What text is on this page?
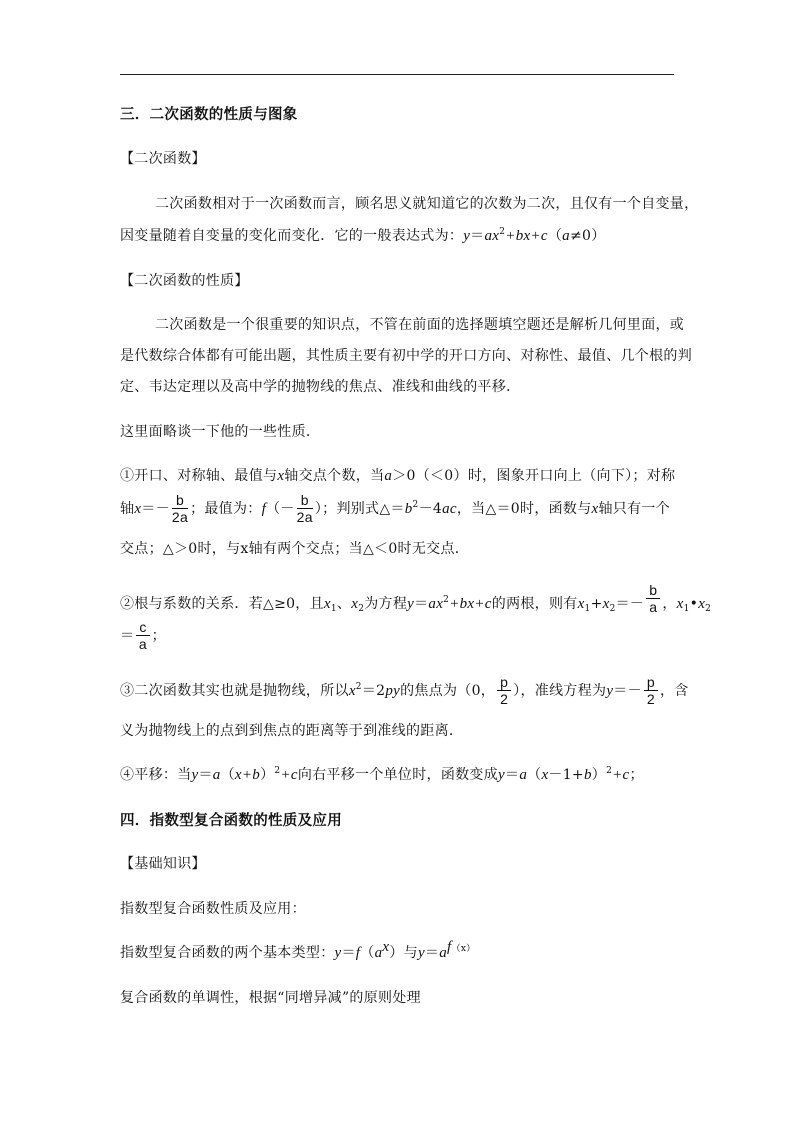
三．二次函数的性质与图象
【二次函数】
二次函数相对于一次函数而言，顾名思义就知道它的次数为二次，且仅有一个自变量，
因变量随着自变量的变化而变化．它的一般表达式为：$y=ax^2+bx+c(a\ne 0)$
【二次函数的性质】
二次函数是一个很重要的知识点，不管在前面的选择题填空题还是解析几何里面，或
是代数综合体都有可能出题，其性质主要有初中学的开口方向、对称性、最值、几个根的判
定、韦达定理以及高中学的抛物线的焦点、准线和曲线的平移．
这里面略谈一下他的一些性质．
①开口、对称轴、最值与x轴交点个数，当a＞0（＜0）时，图象开口向上（向下）；对称
轴$x=- \frac{b}{2a}$ ；最值为：$f(- \frac{b}{2a}$ ）；判别式$\triangle=b^2-4ac$，当△＝0时，函数与x轴只有一个
交点；△＞0时，与x轴有两个交点；当△＜0时无交点．
②根与系数的关系．若△≥0，且$x_1$、$x_2$为方程$y=ax^2+bx+c$的两根，则有$x_1+x_2=- \frac{b}{a}$ ，$x_1•x_2$
＝ $\frac{c}{a}$ ；
③二次函数其实也就是抛物线，所以$x^2=2py$的焦点为（0， $\frac{p}{2}$ ），准线方程为$y=- \frac{p}{2}$ ，含
义为抛物线上的点到到焦点的距离等于到准线的距离．
④平移：当$y=a(x+b)^2+c$向右平移一个单位时，函数变成$y=a(x-1+b)^2+c$；
四．指数型复合函数的性质及应用
【基础知识】
指数型复合函数性质及应用：
指数型复合函数的两个基本类型：$y=f(a^x)$与$y=a^{f(x)}$
复合函数的单调性，根据“同增异减”的原则处理
